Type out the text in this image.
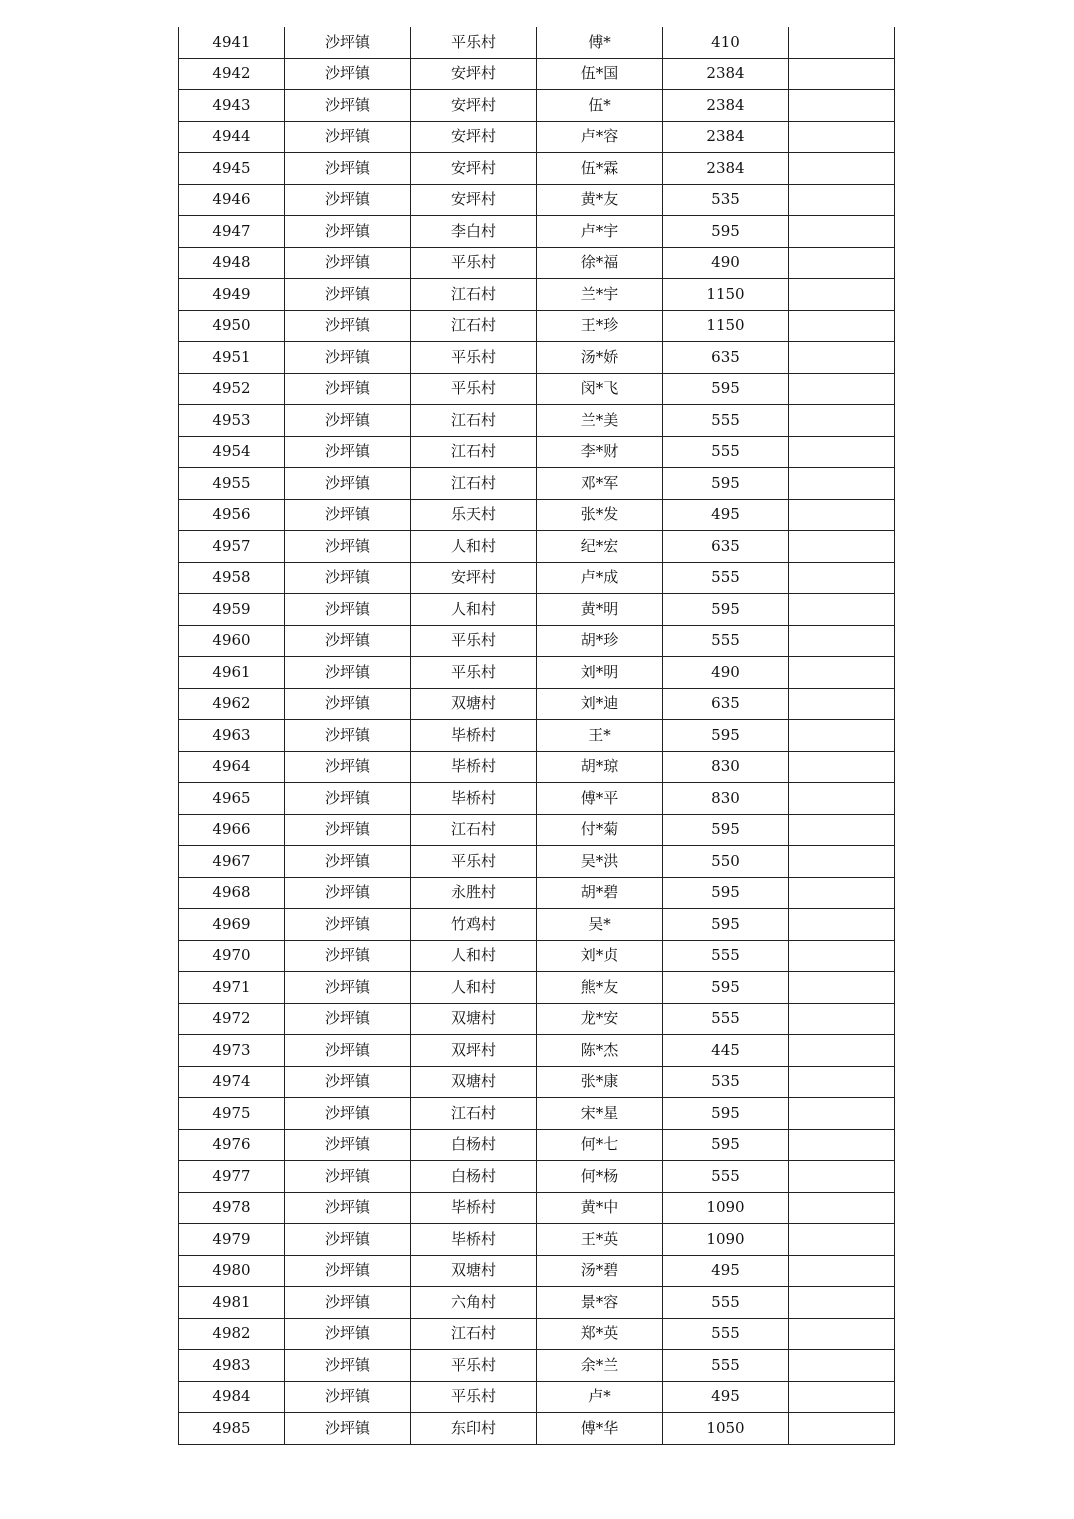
4941	沙坪镇	平乐村	傅*	410	
4942	沙坪镇	安坪村	伍*国	2384	
4943	沙坪镇	安坪村	伍*	2384	
4944	沙坪镇	安坪村	卢*容	2384	
4945	沙坪镇	安坪村	伍*霖	2384	
4946	沙坪镇	安坪村	黄*友	535	
4947	沙坪镇	李白村	卢*宇	595	
4948	沙坪镇	平乐村	徐*福	490	
4949	沙坪镇	江石村	兰*宇	1150	
4950	沙坪镇	江石村	王*珍	1150	
4951	沙坪镇	平乐村	汤*娇	635	
4952	沙坪镇	平乐村	闵*飞	595	
4953	沙坪镇	江石村	兰*美	555	
4954	沙坪镇	江石村	李*财	555	
4955	沙坪镇	江石村	邓*军	595	
4956	沙坪镇	乐天村	张*发	495	
4957	沙坪镇	人和村	纪*宏	635	
4958	沙坪镇	安坪村	卢*成	555	
4959	沙坪镇	人和村	黄*明	595	
4960	沙坪镇	平乐村	胡*珍	555	
4961	沙坪镇	平乐村	刘*明	490	
4962	沙坪镇	双塘村	刘*迪	635	
4963	沙坪镇	毕桥村	王*	595	
4964	沙坪镇	毕桥村	胡*琼	830	
4965	沙坪镇	毕桥村	傅*平	830	
4966	沙坪镇	江石村	付*菊	595	
4967	沙坪镇	平乐村	吴*洪	550	
4968	沙坪镇	永胜村	胡*碧	595	
4969	沙坪镇	竹鸡村	吴*	595	
4970	沙坪镇	人和村	刘*贞	555	
4971	沙坪镇	人和村	熊*友	595	
4972	沙坪镇	双塘村	龙*安	555	
4973	沙坪镇	双坪村	陈*杰	445	
4974	沙坪镇	双塘村	张*康	535	
4975	沙坪镇	江石村	宋*星	595	
4976	沙坪镇	白杨村	何*七	595	
4977	沙坪镇	白杨村	何*杨	555	
4978	沙坪镇	毕桥村	黄*中	1090	
4979	沙坪镇	毕桥村	王*英	1090	
4980	沙坪镇	双塘村	汤*碧	495	
4981	沙坪镇	六角村	景*容	555	
4982	沙坪镇	江石村	郑*英	555	
4983	沙坪镇	平乐村	余*兰	555	
4984	沙坪镇	平乐村	卢*	495	
4985	沙坪镇	东印村	傅*华	1050	
